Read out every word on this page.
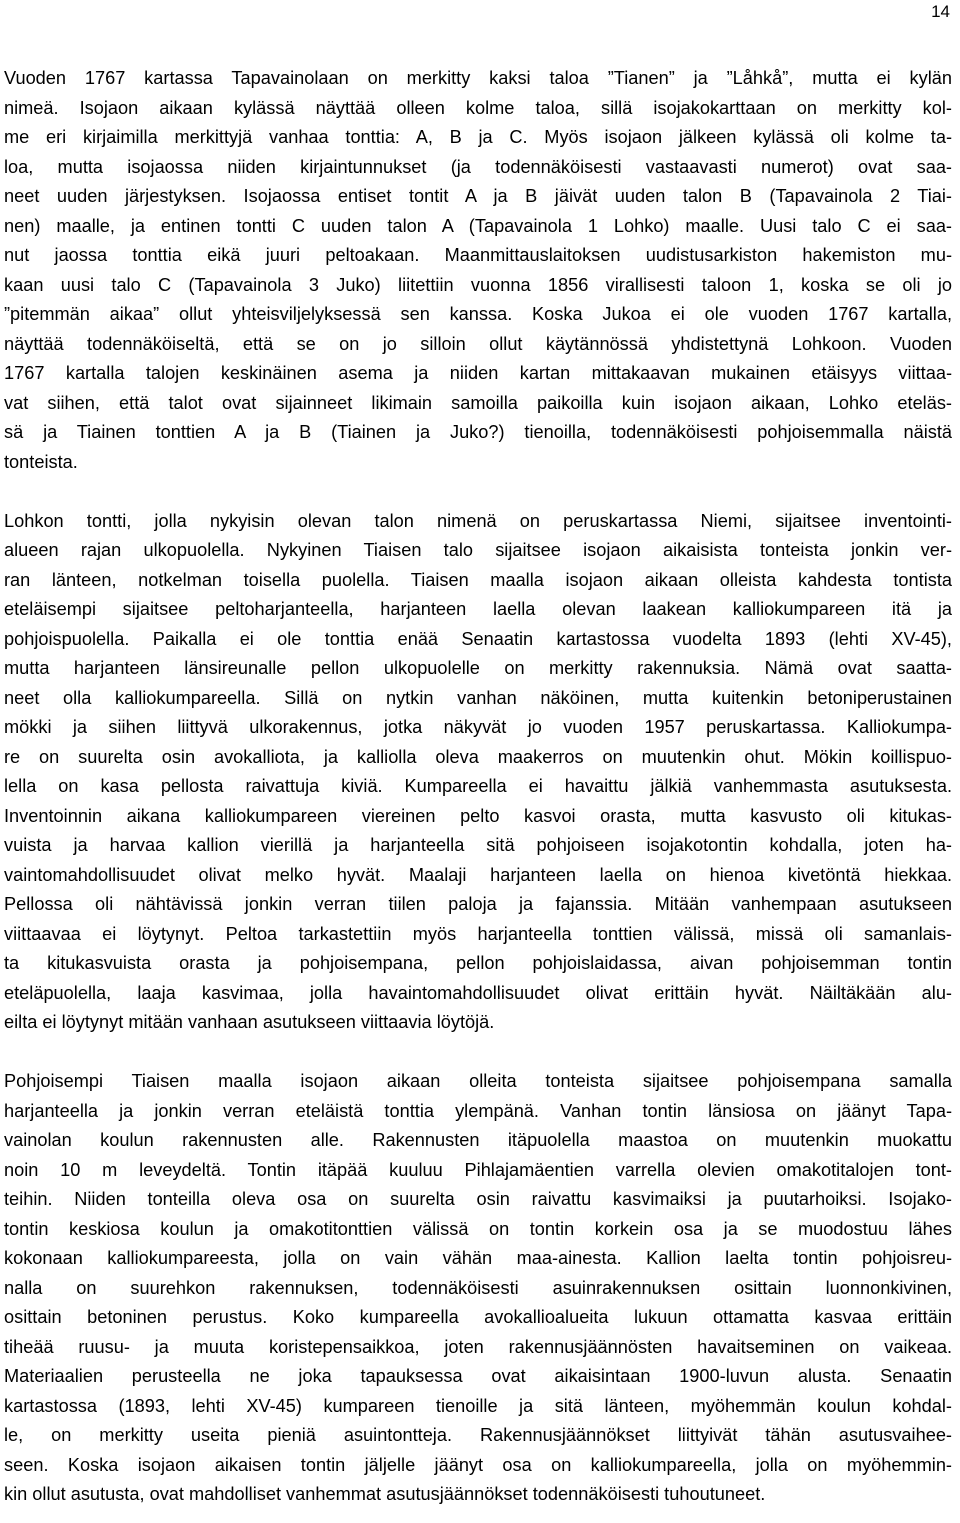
14
Vuoden 1767 kartassa Tapavainolaan on merkitty kaksi taloa ”Tianen” ja ”Låhkå”, mutta ei kylän
nimeä. Isojaon aikaan kylässä näyttää olleen kolme taloa, sillä isojakokarttaan on merkitty kol-
me eri kirjaimilla merkittyjä vanhaa tonttia: A, B ja C. Myös isojaon jälkeen kylässä oli kolme ta-
loa, mutta isojaossa niiden kirjaintunnukset (ja todennäköisesti vastaavasti numerot) ovat saa-
neet uuden järjestyksen. Isojaossa entiset tontit A ja B jäivät uuden talon B (Tapavainola 2 Tiai-
nen) maalle, ja entinen tontti C uuden talon A (Tapavainola 1 Lohko) maalle. Uusi talo C ei saa-
nut jaossa tonttia eikä juuri peltoakaan. Maanmittauslaitoksen uudistusarkiston hakemiston mu-
kaan uusi talo C (Tapavainola 3 Juko) liitettiin vuonna 1856 virallisesti taloon 1, koska se oli jo
”pitemmän aikaa” ollut yhteisviljelyksessä sen kanssa. Koska Jukoa ei ole vuoden 1767 kartalla,
näyttää todennäköiseltä, että se on jo silloin ollut käytännössä yhdistettynä Lohkoon. Vuoden
1767 kartalla talojen keskinäinen asema ja niiden kartan mittakaavan mukainen etäisyys viittaa-
vat siihen, että talot ovat sijainneet likimain samoilla paikoilla kuin isojaon aikaan, Lohko eteläs-
sä ja Tiainen tonttien A ja B (Tiainen ja Juko?) tienoilla, todennäköisesti pohjoisemmalla näistä
tonteista.
Lohkon tontti, jolla nykyisin olevan talon nimenä on peruskartassa Niemi, sijaitsee inventointi-
alueen rajan ulkopuolella. Nykyinen Tiaisen talo sijaitsee isojaon aikaisista tonteista jonkin ver-
ran länteen, notkelman toisella puolella. Tiaisen maalla isojaon aikaan olleista kahdesta tontista
eteläisempi sijaitsee peltoharjanteella, harjanteen laella olevan laakean kalliokumpareen itä ja
pohjoispuolella. Paikalla ei ole tonttia enää Senaatin kartastossa vuodelta 1893 (lehti XV-45),
mutta harjanteen länsireunalle pellon ulkopuolelle on merkitty rakennuksia. Nämä ovat saatta-
neet olla kalliokumpareella. Sillä on nytkin vanhan näköinen, mutta kuitenkin betoniperustainen
mökki ja siihen liittyvä ulkorakennus, jotka näkyvät jo vuoden 1957 peruskartassa. Kalliokumpa-
re on suurelta osin avokalliota, ja kalliolla oleva maakerros on muutenkin ohut. Mökin koillispuo-
lella on kasa pellosta raivattuja kiviä. Kumpareella ei havaittu jälkiä vanhemmasta asutuksesta.
Inventoinnin aikana kalliokumpareen viereinen pelto kasvoi orasta, mutta kasvusto oli kitukas-
vuista ja harvaa kallion vierillä ja harjanteella sitä pohjoiseen isojakotontin kohdalla, joten ha-
vaintomahdollisuudet olivat melko hyvät. Maalaji harjanteen laella on hienoa kivetöntä hiekkaa.
Pellossa oli nähtävissä jonkin verran tiilen paloja ja fajanssia. Mitään vanhempaan asutukseen
viittaavaa ei löytynyt. Peltoa tarkastettiin myös harjanteella tonttien välissä, missä oli samanlais-
ta kitukasvuista orasta ja pohjoisempana, pellon pohjoislaidassa, aivan pohjoisemman tontin
eteläpuolella, laaja kasvimaa, jolla havaintomahdollisuudet olivat erittäin hyvät. Näiltäkään alu-
eilta ei löytynyt mitään vanhaan asutukseen viittaavia löytöjä.
Pohjoisempi Tiaisen maalla isojaon aikaan olleita tonteista sijaitsee pohjoisempana samalla
harjanteella ja jonkin verran eteläistä tonttia ylempänä. Vanhan tontin länsiosa on jäänyt Tapa-
vainolan koulun rakennusten alle. Rakennusten itäpuolella maastoa on muutenkin muokattu
noin 10 m leveydeltä. Tontin itäpää kuuluu Pihlajamäentien varrella olevien omakotitalojen tont-
teihin. Niiden tonteilla oleva osa on suurelta osin raivattu kasvimaiksi ja puutarhoiksi. Isojako-
tontin keskiosa koulun ja omakotitonttien välissä on tontin korkein osa ja se muodostuu lähes
kokonaan kalliokumpareesta, jolla on vain vähän maa-ainesta. Kallion laelta tontin pohjoisreu-
nalla on suurehkon rakennuksen, todennäköisesti asuinrakennuksen osittain luonnonkivinen,
osittain betoninen perustus. Koko kumpareella avokallioalueita lukuun ottamatta kasvaa erittäin
tiheää ruusu- ja muuta koristepensaikkoa, joten rakennusjäännösten havaitseminen on vaikeaa.
Materiaalien perusteella ne joka tapauksessa ovat aikaisintaan 1900-luvun alusta. Senaatin
kartastossa (1893, lehti XV-45) kumpareen tienoille ja sitä länteen, myöhemmän koulun kohdal-
le, on merkitty useita pieniä asuintontteja. Rakennusjäännökset liittyivät tähän asutusvaihee-
seen. Koska isojaon aikaisen tontin jäljelle jäänyt osa on kalliokumpareella, jolla on myöhemmin-
kin ollut asutusta, ovat mahdolliset vanhemmat asutusjäännökset todennäköisesti tuhoutuneet.
